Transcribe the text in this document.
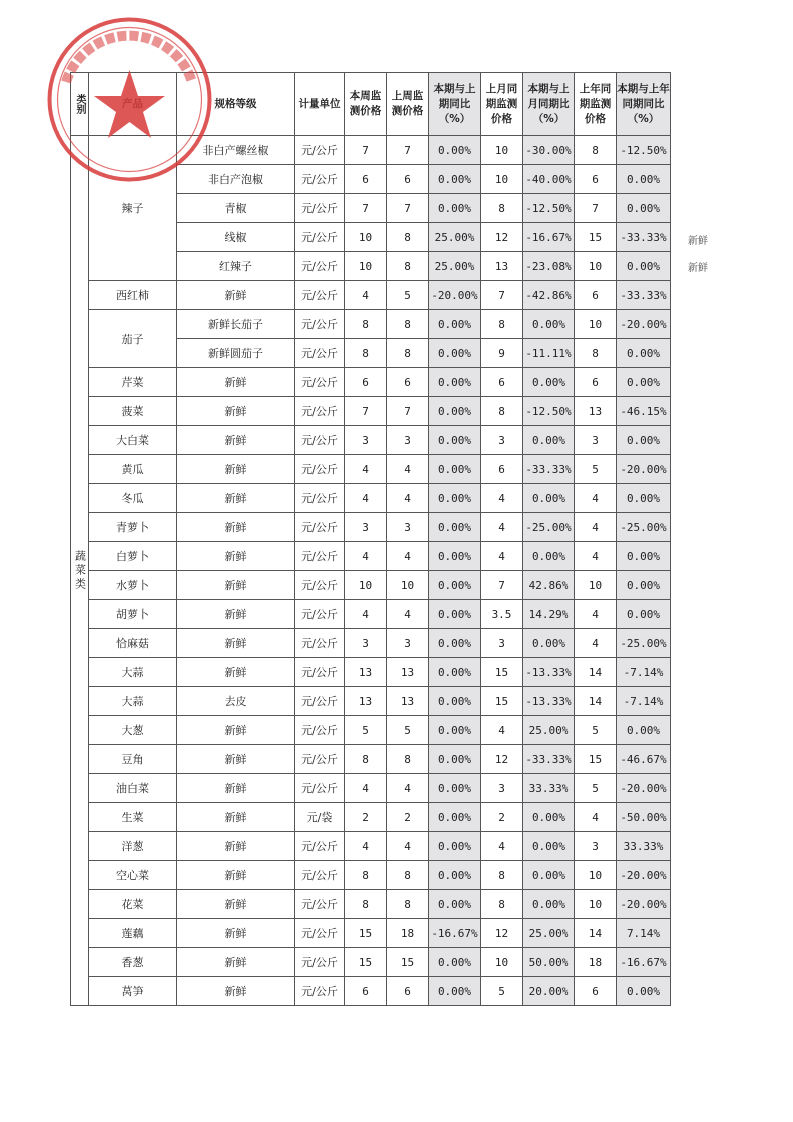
类别		规格等级	计量单位	本周监测价格	上周监测价格	本期与上期同比（%）	上月同期监测价格	本期与上月同期比（%）	上年同期监测价格	本期与上年同期同比（%）
蔬菜类	辣子	非白产螺丝椒	元/公斤	7	7	0.00%	10	-30.00%	8	-12.50%
		非白产泡椒	元/公斤	6	6	0.00%	10	-40.00%	6	0.00%
		青椒	元/公斤	7	7	0.00%	8	-12.50%	7	0.00%
		线椒	元/公斤	10	8	25.00%	12	-16.67%	15	-33.33%
		红辣子	元/公斤	10	8	25.00%	13	-23.08%	10	0.00%
	西红柿	新鲜	元/公斤	4	5	-20.00%	7	-42.86%	6	-33.33%
	茄子	新鲜长茄子	元/公斤	8	8	0.00%	8	0.00%	10	-20.00%
		新鲜圆茄子	元/公斤	8	8	0.00%	9	-11.11%	8	0.00%
	芹菜	新鲜	元/公斤	6	6	0.00%	6	0.00%	6	0.00%
	菠菜	新鲜	元/公斤	7	7	0.00%	8	-12.50%	13	-46.15%
	大白菜	新鲜	元/公斤	3	3	0.00%	3	0.00%	3	0.00%
	黄瓜	新鲜	元/公斤	4	4	0.00%	6	-33.33%	5	-20.00%
	冬瓜	新鲜	元/公斤	4	4	0.00%	4	0.00%	4	0.00%
	青萝卜	新鲜	元/公斤	3	3	0.00%	4	-25.00%	4	-25.00%
	白萝卜	新鲜	元/公斤	4	4	0.00%	4	0.00%	4	0.00%
	水萝卜	新鲜	元/公斤	10	10	0.00%	7	42.86%	10	0.00%
	胡萝卜	新鲜	元/公斤	4	4	0.00%	3.5	14.29%	4	0.00%
	恰麻菇	新鲜	元/公斤	3	3	0.00%	3	0.00%	4	-25.00%
	大蒜	新鲜	元/公斤	13	13	0.00%	15	-13.33%	14	-7.14%
	大蒜	去皮	元/公斤	13	13	0.00%	15	-13.33%	14	-7.14%
	大葱	新鲜	元/公斤	5	5	0.00%	4	25.00%	5	0.00%
	豆角	新鲜	元/公斤	8	8	0.00%	12	-33.33%	15	-46.67%
	油白菜	新鲜	元/公斤	4	4	0.00%	3	33.33%	5	-20.00%
	生菜	新鲜	元/袋	2	2	0.00%	2	0.00%	4	-50.00%
	洋葱	新鲜	元/公斤	4	4	0.00%	4	0.00%	3	33.33%
	空心菜	新鲜	元/公斤	8	8	0.00%	8	0.00%	10	-20.00%
	花菜	新鲜	元/公斤	8	8	0.00%	8	0.00%	10	-20.00%
	莲藕	新鲜	元/公斤	15	18	-16.67%	12	25.00%	14	7.14%
	香葱	新鲜	元/公斤	15	15	0.00%	10	50.00%	18	-16.67%
	莴笋	新鲜	元/公斤	6	6	0.00%	5	20.00%	6	0.00%
新鲜
新鲜
